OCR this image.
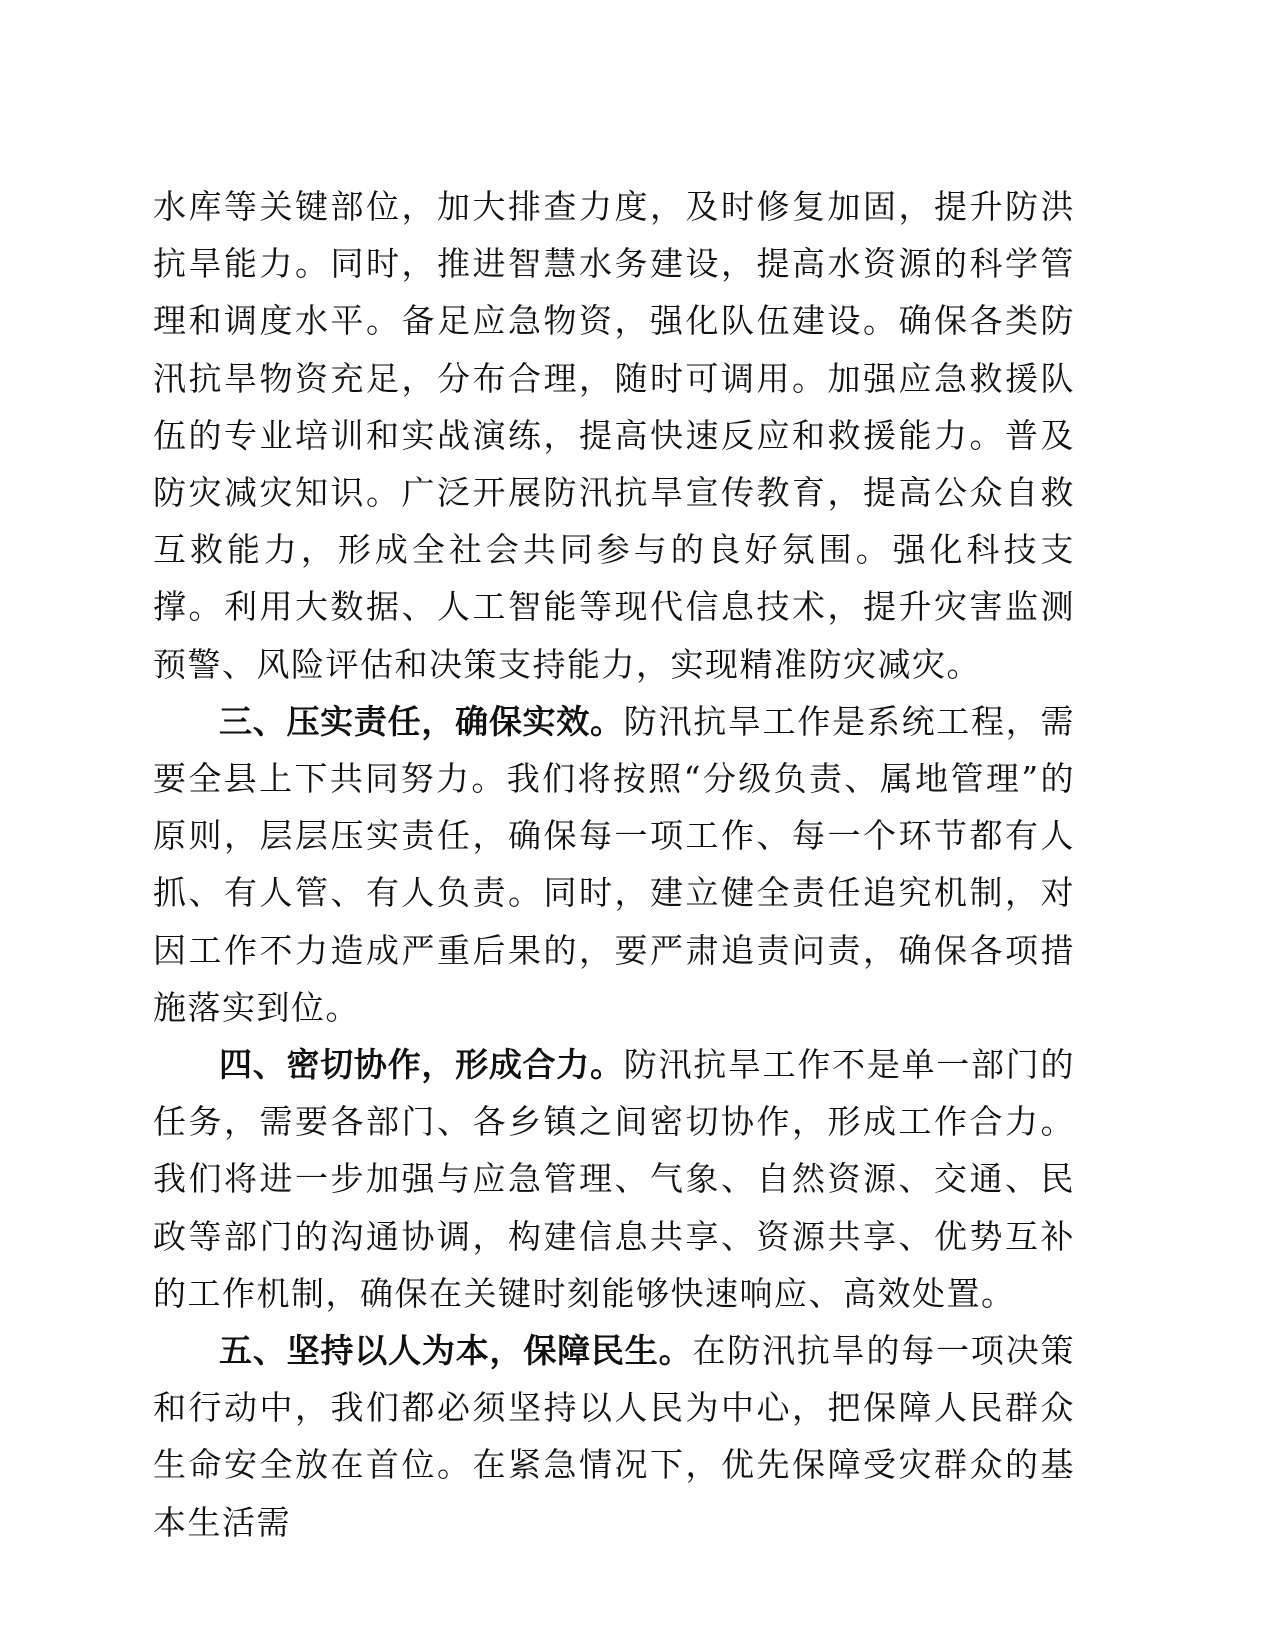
水库等关键部位，加大排查力度，及时修复加固，提升防洪抗旱能力。同时，推进智慧水务建设，提高水资源的科学管理和调度水平。备足应急物资，强化队伍建设。确保各类防汛抗旱物资充足，分布合理，随时可调用。加强应急救援队伍的专业培训和实战演练，提高快速反应和救援能力。普及防灾减灾知识。广泛开展防汛抗旱宣传教育，提高公众自救互救能力，形成全社会共同参与的良好氛围。强化科技支撑。利用大数据、人工智能等现代信息技术，提升灾害监测预警、风险评估和决策支持能力，实现精准防灾减灾。

三、压实责任，确保实效。防汛抗旱工作是系统工程，需要全县上下共同努力。我们将按照“分级负责、属地管理”的原则，层层压实责任，确保每一项工作、每一个环节都有人抓、有人管、有人负责。同时，建立健全责任追究机制，对因工作不力造成严重后果的，要严肃追责问责，确保各项措施落实到位。

四、密切协作，形成合力。防汛抗旱工作不是单一部门的任务，需要各部门、各乡镇之间密切协作，形成工作合力。我们将进一步加强与应急管理、气象、自然资源、交通、民政等部门的沟通协调，构建信息共享、资源共享、优势互补的工作机制，确保在关键时刻能够快速响应、高效处置。

五、坚持以人为本，保障民生。在防汛抗旱的每一项决策和行动中，我们都必须坚持以人民为中心，把保障人民群众生命安全放在首位。在紧急情况下，优先保障受灾群众的基本生活需
